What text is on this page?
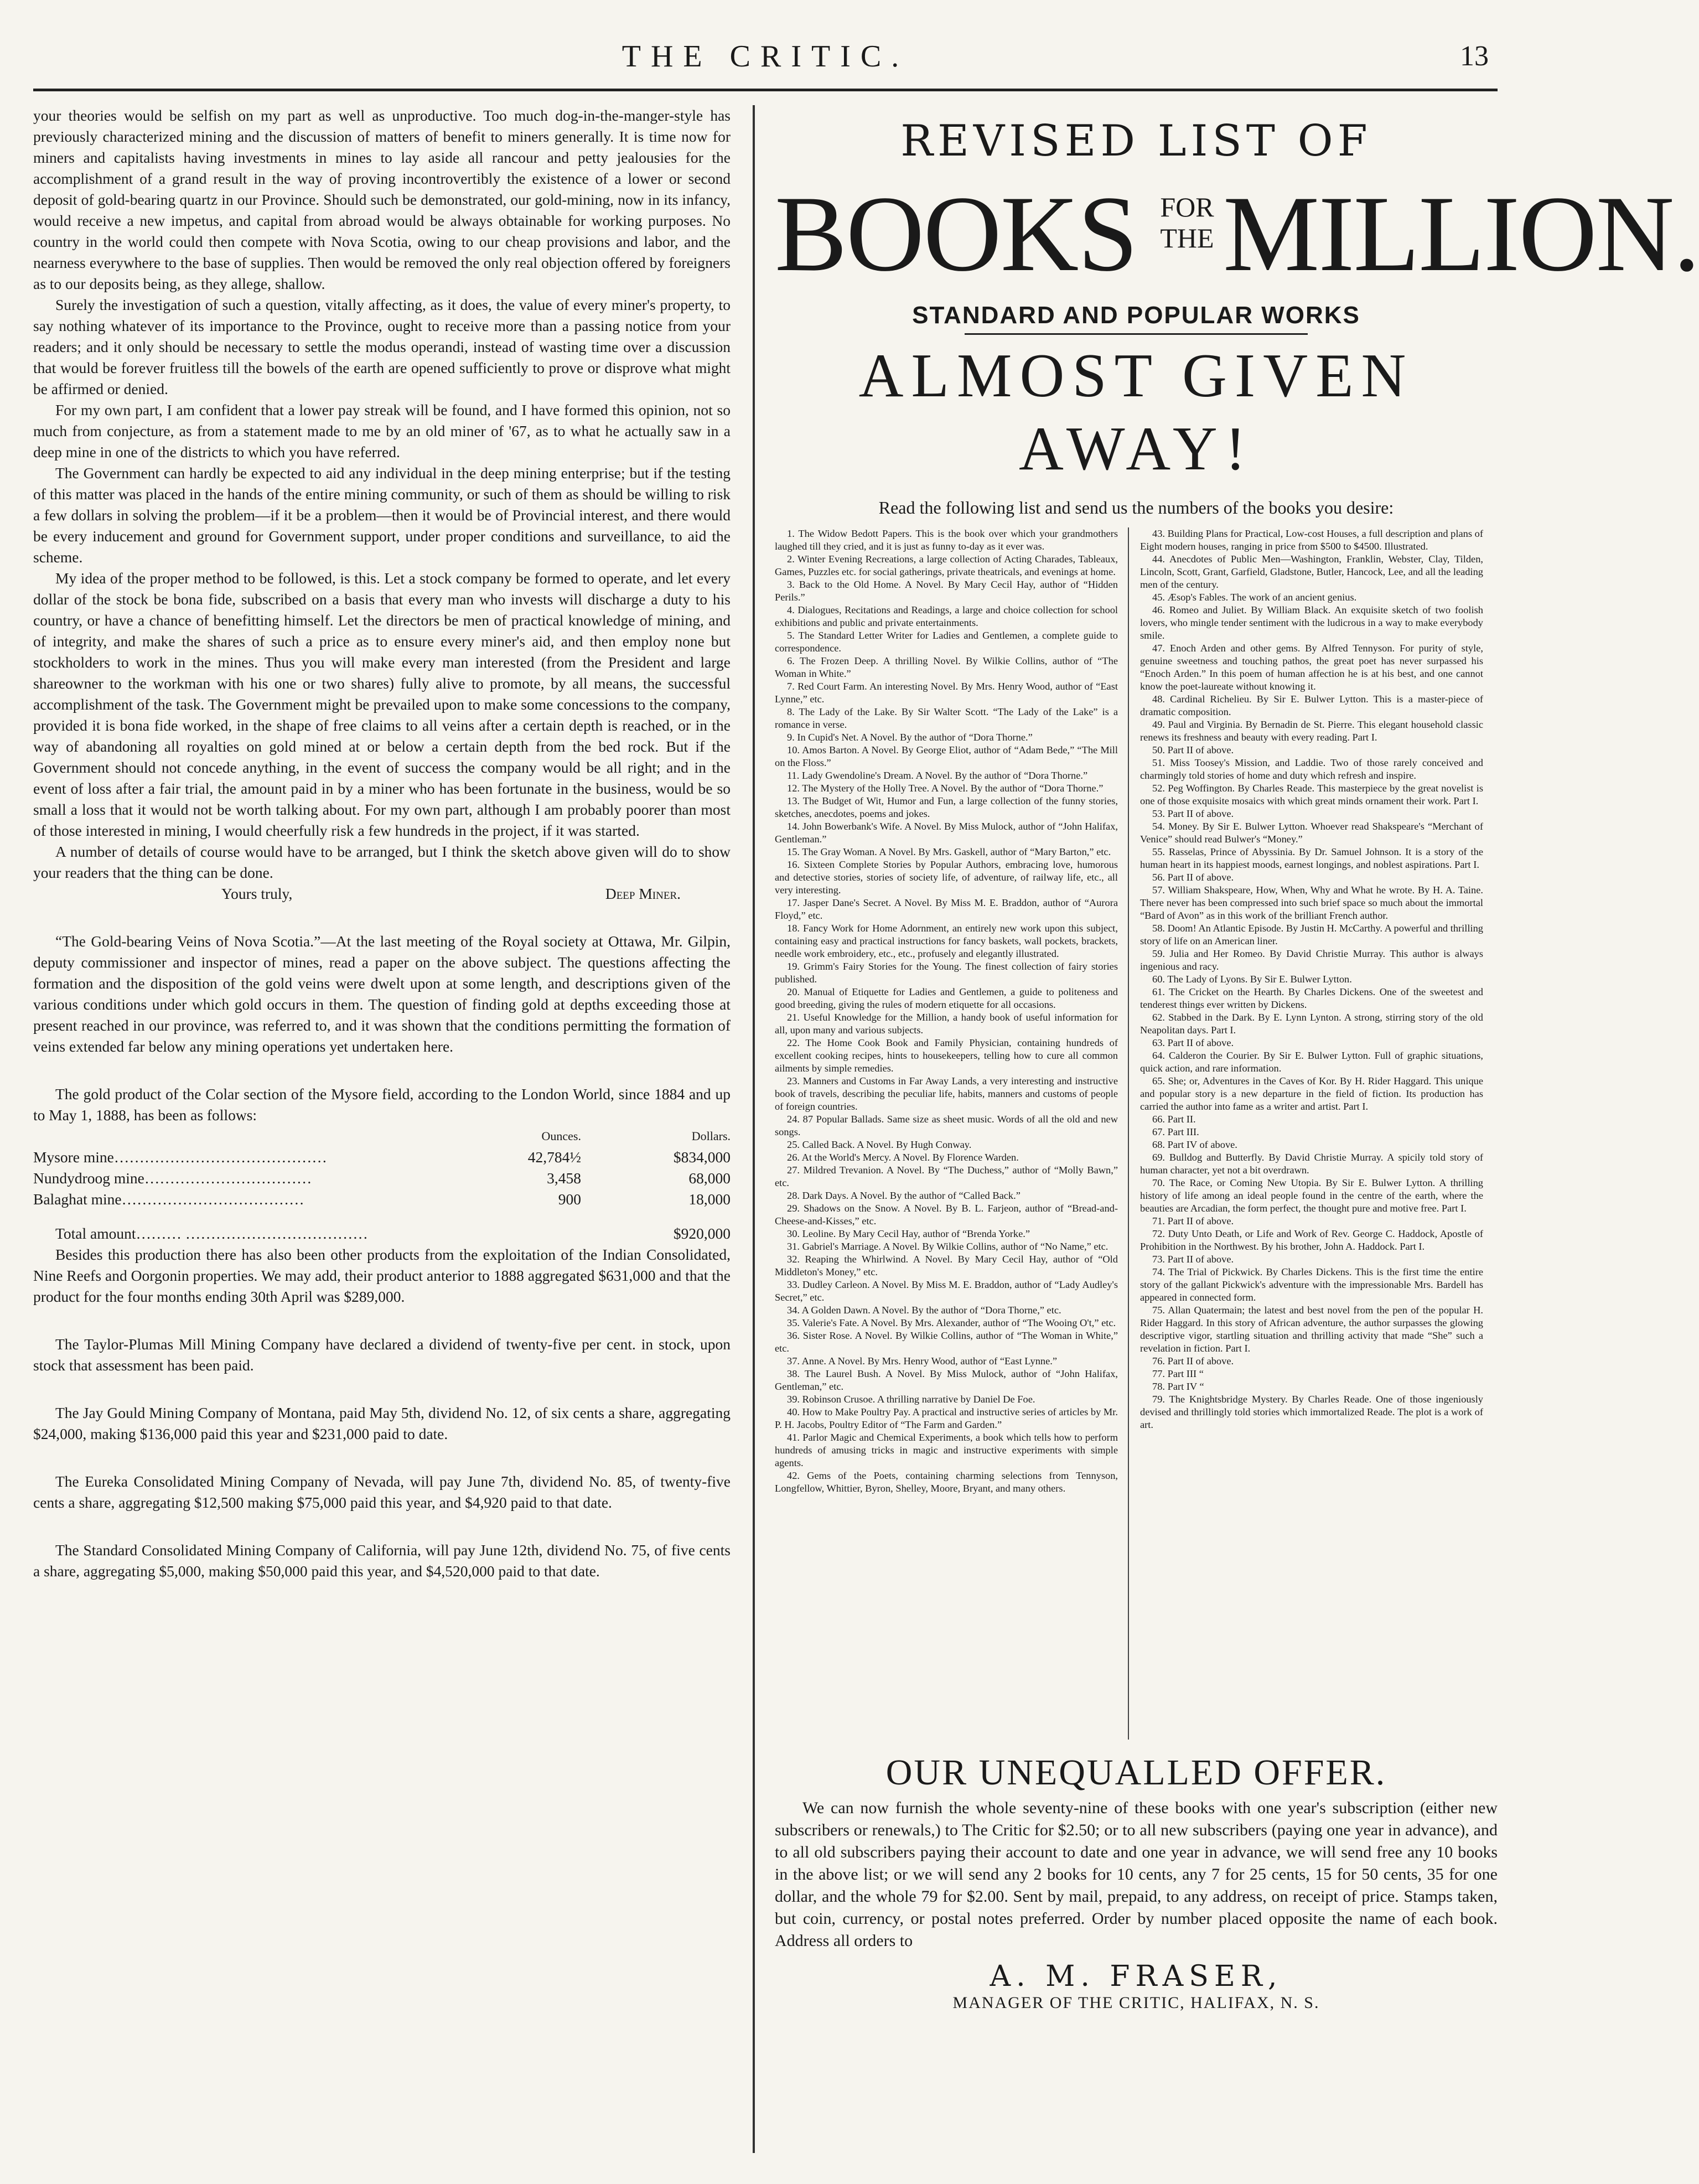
THE CRITIC.	13

your theories would be selfish on my part as well as unproductive. Too much dog-in-the-manger-style has previously characterized mining and the discussion of matters of benefit to miners generally. It is time now for miners and capitalists having investments in mines to lay aside all rancour and petty jealousies for the accomplishment of a grand result in the way of proving incontrovertibly the existence of a lower or second deposit of gold-bearing quartz in our Province. Should such be demonstrated, our gold-mining, now in its infancy, would receive a new impetus, and capital from abroad would be always obtainable for working purposes. No country in the world could then compete with Nova Scotia, owing to our cheap provisions and labor, and the nearness everywhere to the base of supplies. Then would be removed the only real objection offered by foreigners as to our deposits being, as they allege, shallow.

Surely the investigation of such a question, vitally affecting, as it does, the value of every miner's property, to say nothing whatever of its importance to the Province, ought to receive more than a passing notice from your readers; and it only should be necessary to settle the modus operandi, instead of wasting time over a discussion that would be forever fruitless till the bowels of the earth are opened sufficiently to prove or disprove what might be affirmed or denied.

For my own part, I am confident that a lower pay streak will be found, and I have formed this opinion, not so much from conjecture, as from a statement made to me by an old miner of '67, as to what he actually saw in a deep mine in one of the districts to which you have referred.

The Government can hardly be expected to aid any individual in the deep mining enterprise; but if the testing of this matter was placed in the hands of the entire mining community, or such of them as should be willing to risk a few dollars in solving the problem—if it be a problem—then it would be of Provincial interest, and there would be every inducement and ground for Government support, under proper conditions and surveillance, to aid the scheme.

My idea of the proper method to be followed, is this. Let a stock company be formed to operate, and let every dollar of the stock be bona fide, subscribed on a basis that every man who invests will discharge a duty to his country, or have a chance of benefitting himself. Let the directors be men of practical knowledge of mining, and of integrity, and make the shares of such a price as to ensure every miner's aid, and then employ none but stockholders to work in the mines. Thus you will make every man interested (from the President and large shareowner to the workman with his one or two shares) fully alive to promote, by all means, the successful accomplishment of the task. The Government might be prevailed upon to make some concessions to the company, provided it is bona fide worked, in the shape of free claims to all veins after a certain depth is reached, or in the way of abandoning all royalties on gold mined at or below a certain depth from the bed rock. But if the Government should not concede anything, in the event of success the company would be all right; and in the event of loss after a fair trial, the amount paid in by a miner who has been fortunate in the business, would be so small a loss that it would not be worth talking about. For my own part, although I am probably poorer than most of those interested in mining, I would cheerfully risk a few hundreds in the project, if it was started.

A number of details of course would have to be arranged, but I think the sketch above given will do to show your readers that the thing can be done.

Yours truly,	Deep Miner.

“The Gold-bearing Veins of Nova Scotia.”—At the last meeting of the Royal society at Ottawa, Mr. Gilpin, deputy commissioner and inspector of mines, read a paper on the above subject. The questions affecting the formation and the disposition of the gold veins were dwelt upon at some length, and descriptions given of the various conditions under which gold occurs in them. The question of finding gold at depths exceeding those at present reached in our province, was referred to, and it was shown that the conditions permitting the formation of veins extended far below any mining operations yet undertaken here.

The gold product of the Colar section of the Mysore field, according to the London World, since 1884 and up to May 1, 1888, has been as follows:

	Ounces.	Dollars.
Mysore mine……………………………………	42,784½	$834,000
Nundydroog mine……………………………	3,458	68,000
Balaghat mine………………………………	900	18,000

Total amount……… ………………………………		$920,000

Besides this production there has also been other products from the exploitation of the Indian Consolidated, Nine Reefs and Oorgonin properties. We may add, their product anterior to 1888 aggregated $631,000 and that the product for the four months ending 30th April was $289,000.

The Taylor-Plumas Mill Mining Company have declared a dividend of twenty-five per cent. in stock, upon stock that assessment has been paid.

The Jay Gould Mining Company of Montana, paid May 5th, dividend No. 12, of six cents a share, aggregating $24,000, making $136,000 paid this year and $231,000 paid to date.

The Eureka Consolidated Mining Company of Nevada, will pay June 7th, dividend No. 85, of twenty-five cents a share, aggregating $12,500 making $75,000 paid this year, and $4,920 paid to that date.

The Standard Consolidated Mining Company of California, will pay June 12th, dividend No. 75, of five cents a share, aggregating $5,000, making $50,000 paid this year, and $4,520,000 paid to that date.

REVISED LIST OF
BOOKS FOR
THE MILLION.
STANDARD AND POPULAR WORKS
ALMOST GIVEN AWAY!
Read the following list and send us the numbers of the books you desire:

1. The Widow Bedott Papers. This is the book over which your grandmothers laughed till they cried, and it is just as funny to-day as it ever was.

2. Winter Evening Recreations, a large collection of Acting Charades, Tableaux, Games, Puzzles etc. for social gatherings, private theatricals, and evenings at home.

3. Back to the Old Home. A Novel. By Mary Cecil Hay, author of “Hidden Perils.”

4. Dialogues, Recitations and Readings, a large and choice collection for school exhibitions and public and private entertainments.

5. The Standard Letter Writer for Ladies and Gentlemen, a complete guide to correspondence.

6. The Frozen Deep. A thrilling Novel. By Wilkie Collins, author of “The Woman in White.”

7. Red Court Farm. An interesting Novel. By Mrs. Henry Wood, author of “East Lynne,” etc.

8. The Lady of the Lake. By Sir Walter Scott. “The Lady of the Lake” is a romance in verse.

9. In Cupid's Net. A Novel. By the author of “Dora Thorne.”

10. Amos Barton. A Novel. By George Eliot, author of “Adam Bede,” “The Mill on the Floss.”

11. Lady Gwendoline's Dream. A Novel. By the author of “Dora Thorne.”

12. The Mystery of the Holly Tree. A Novel. By the author of “Dora Thorne.”

13. The Budget of Wit, Humor and Fun, a large collection of the funny stories, sketches, anecdotes, poems and jokes.

14. John Bowerbank's Wife. A Novel. By Miss Mulock, author of “John Halifax, Gentleman.”

15. The Gray Woman. A Novel. By Mrs. Gaskell, author of “Mary Barton,” etc.

16. Sixteen Complete Stories by Popular Authors, embracing love, humorous and detective stories, stories of society life, of adventure, of railway life, etc., all very interesting.

17. Jasper Dane's Secret. A Novel. By Miss M. E. Braddon, author of “Aurora Floyd,” etc.

18. Fancy Work for Home Adornment, an entirely new work upon this subject, containing easy and practical instructions for fancy baskets, wall pockets, brackets, needle work embroidery, etc., etc., profusely and elegantly illustrated.

19. Grimm's Fairy Stories for the Young. The finest collection of fairy stories published.

20. Manual of Etiquette for Ladies and Gentlemen, a guide to politeness and good breeding, giving the rules of modern etiquette for all occasions.

21. Useful Knowledge for the Million, a handy book of useful information for all, upon many and various subjects.

22. The Home Cook Book and Family Physician, containing hundreds of excellent cooking recipes, hints to housekeepers, telling how to cure all common ailments by simple remedies.

23. Manners and Customs in Far Away Lands, a very interesting and instructive book of travels, describing the peculiar life, habits, manners and customs of people of foreign countries.

24. 87 Popular Ballads. Same size as sheet music. Words of all the old and new songs.

25. Called Back. A Novel. By Hugh Conway.

26. At the World's Mercy. A Novel. By Florence Warden.

27. Mildred Trevanion. A Novel. By “The Duchess,” author of “Molly Bawn,” etc.

28. Dark Days. A Novel. By the author of “Called Back.”

29. Shadows on the Snow. A Novel. By B. L. Farjeon, author of “Bread-and-Cheese-and-Kisses,” etc.

30. Leoline. By Mary Cecil Hay, author of “Brenda Yorke.”

31. Gabriel's Marriage. A Novel. By Wilkie Collins, author of “No Name,” etc.

32. Reaping the Whirlwind. A Novel. By Mary Cecil Hay, author of “Old Middleton's Money,” etc.

33. Dudley Carleon. A Novel. By Miss M. E. Braddon, author of “Lady Audley's Secret,” etc.

34. A Golden Dawn. A Novel. By the author of “Dora Thorne,” etc.

35. Valerie's Fate. A Novel. By Mrs. Alexander, author of “The Wooing O't,” etc.

36. Sister Rose. A Novel. By Wilkie Collins, author of “The Woman in White,” etc.

37. Anne. A Novel. By Mrs. Henry Wood, author of “East Lynne.”

38. The Laurel Bush. A Novel. By Miss Mulock, author of “John Halifax, Gentleman,” etc.

39. Robinson Crusoe. A thrilling narrative by Daniel De Foe.

40. How to Make Poultry Pay. A practical and instructive series of articles by Mr. P. H. Jacobs, Poultry Editor of “The Farm and Garden.”

41. Parlor Magic and Chemical Experiments, a book which tells how to perform hundreds of amusing tricks in magic and instructive experiments with simple agents.

42. Gems of the Poets, containing charming selections from Tennyson, Longfellow, Whittier, Byron, Shelley, Moore, Bryant, and many others.

43. Building Plans for Practical, Low-cost Houses, a full description and plans of Eight modern houses, ranging in price from $500 to $4500. Illustrated.

44. Anecdotes of Public Men—Washington, Franklin, Webster, Clay, Tilden, Lincoln, Scott, Grant, Garfield, Gladstone, Butler, Hancock, Lee, and all the leading men of the century.

45. Æsop's Fables. The work of an ancient genius.

46. Romeo and Juliet. By William Black. An exquisite sketch of two foolish lovers, who mingle tender sentiment with the ludicrous in a way to make everybody smile.

47. Enoch Arden and other gems. By Alfred Tennyson. For purity of style, genuine sweetness and touching pathos, the great poet has never surpassed his “Enoch Arden.” In this poem of human affection he is at his best, and one cannot know the poet-laureate without knowing it.

48. Cardinal Richelieu. By Sir E. Bulwer Lytton. This is a master-piece of dramatic composition.

49. Paul and Virginia. By Bernadin de St. Pierre. This elegant household classic renews its freshness and beauty with every reading. Part I.

50. Part II of above.

51. Miss Toosey's Mission, and Laddie. Two of those rarely conceived and charmingly told stories of home and duty which refresh and inspire.

52. Peg Woffington. By Charles Reade. This masterpiece by the great novelist is one of those exquisite mosaics with which great minds ornament their work. Part I.

53. Part II of above.

54. Money. By Sir E. Bulwer Lytton. Whoever read Shakspeare's “Merchant of Venice” should read Bulwer's “Money.”

55. Rasselas, Prince of Abyssinia. By Dr. Samuel Johnson. It is a story of the human heart in its happiest moods, earnest longings, and noblest aspirations. Part I.

56. Part II of above.

57. William Shakspeare, How, When, Why and What he wrote. By H. A. Taine. There never has been compressed into such brief space so much about the immortal “Bard of Avon” as in this work of the brilliant French author.

58. Doom! An Atlantic Episode. By Justin H. McCarthy. A powerful and thrilling story of life on an American liner.

59. Julia and Her Romeo. By David Christie Murray. This author is always ingenious and racy.

60. The Lady of Lyons. By Sir E. Bulwer Lytton.

61. The Cricket on the Hearth. By Charles Dickens. One of the sweetest and tenderest things ever written by Dickens.

62. Stabbed in the Dark. By E. Lynn Lynton. A strong, stirring story of the old Neapolitan days. Part I.

63. Part II of above.

64. Calderon the Courier. By Sir E. Bulwer Lytton. Full of graphic situations, quick action, and rare information.

65. She; or, Adventures in the Caves of Kor. By H. Rider Haggard. This unique and popular story is a new departure in the field of fiction. Its production has carried the author into fame as a writer and artist. Part I.

66. Part II.

67. Part III.

68. Part IV of above.

69. Bulldog and Butterfly. By David Christie Murray. A spicily told story of human character, yet not a bit overdrawn.

70. The Race, or Coming New Utopia. By Sir E. Bulwer Lytton. A thrilling history of life among an ideal people found in the centre of the earth, where the beauties are Arcadian, the form perfect, the thought pure and motive free. Part I.

71. Part II of above.

72. Duty Unto Death, or Life and Work of Rev. George C. Haddock, Apostle of Prohibition in the Northwest. By his brother, John A. Haddock. Part I.

73. Part II of above.

74. The Trial of Pickwick. By Charles Dickens. This is the first time the entire story of the gallant Pickwick's adventure with the impressionable Mrs. Bardell has appeared in connected form.

75. Allan Quatermain; the latest and best novel from the pen of the popular H. Rider Haggard. In this story of African adventure, the author surpasses the glowing descriptive vigor, startling situation and thrilling activity that made “She” such a revelation in fiction. Part I.

76. Part II of above.

77. Part III “

78. Part IV “

79. The Knightsbridge Mystery. By Charles Reade. One of those ingeniously devised and thrillingly told stories which immortalized Reade. The plot is a work of art.

OUR UNEQUALLED OFFER.

We can now furnish the whole seventy-nine of these books with one year's subscription (either new subscribers or renewals,) to The Critic for $2.50; or to all new subscribers (paying one year in advance), and to all old subscribers paying their account to date and one year in advance, we will send free any 10 books in the above list; or we will send any 2 books for 10 cents, any 7 for 25 cents, 15 for 50 cents, 35 for one dollar, and the whole 79 for $2.00. Sent by mail, prepaid, to any address, on receipt of price. Stamps taken, but coin, currency, or postal notes preferred. Order by number placed opposite the name of each book. Address all orders to

A. M. FRASER,
MANAGER OF THE CRITIC, HALIFAX, N. S.
